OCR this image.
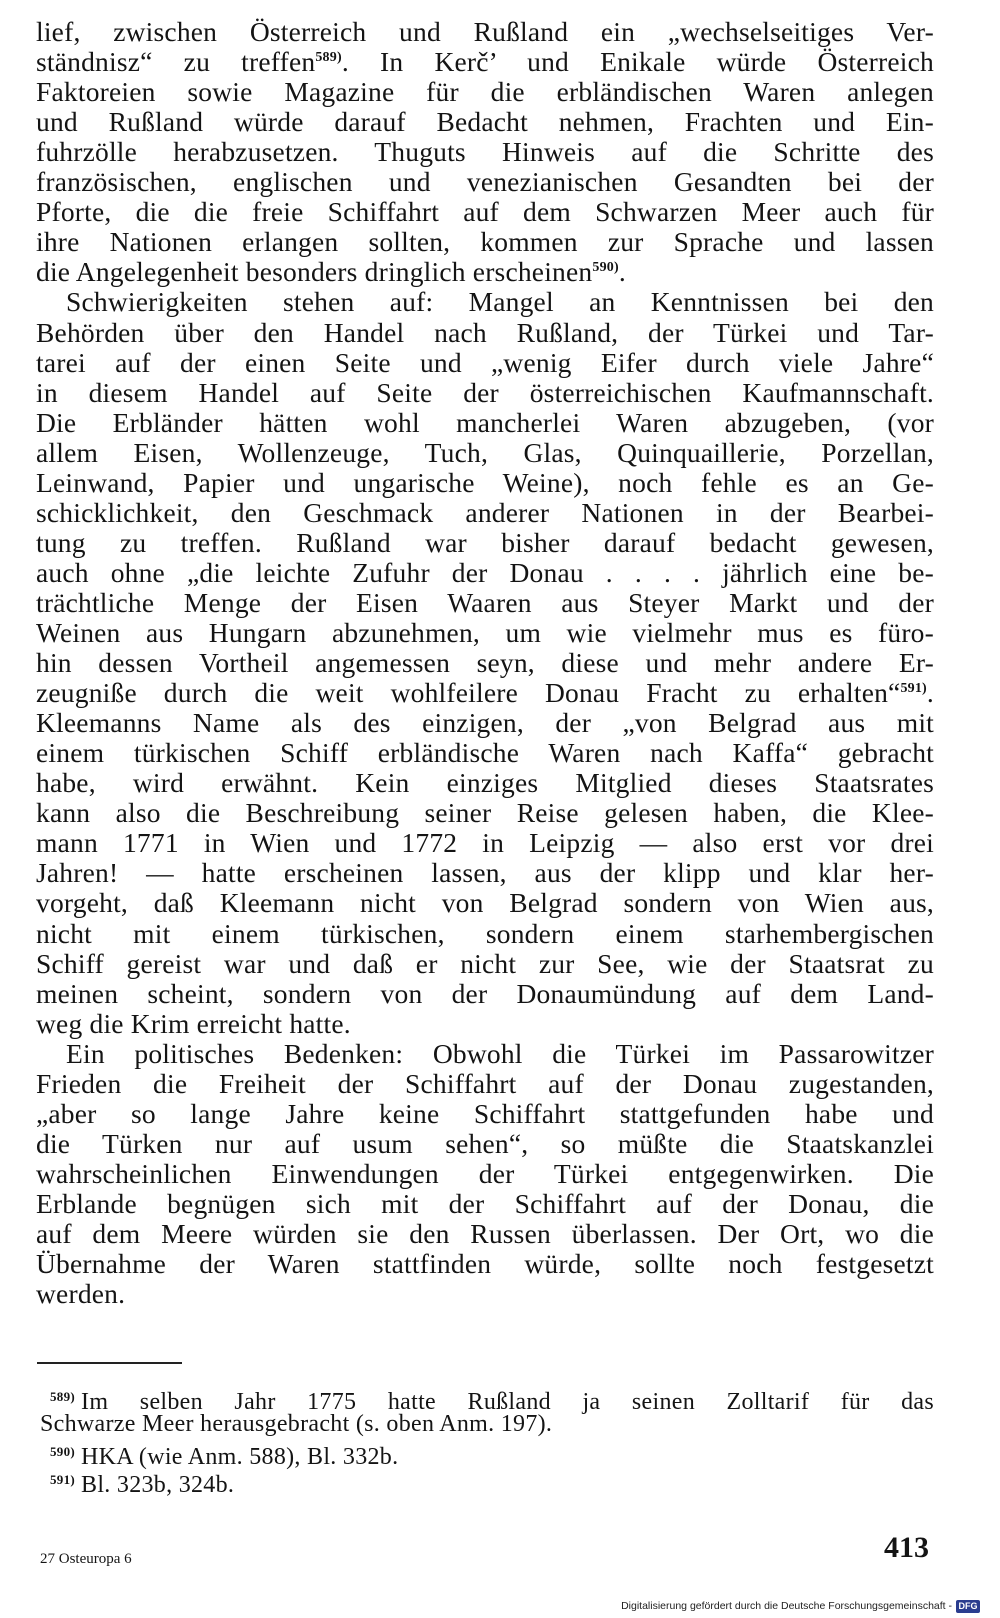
lief, zwischen Österreich und Rußland ein „wechselseitiges Ver-
ständnisz“ zu treffen$^{589)}$. In Kerč’ und Enikale würde Österreich
Faktoreien sowie Magazine für die erbländischen Waren anlegen
und Rußland würde darauf Bedacht nehmen, Frachten und Ein-
fuhrzölle herabzusetzen. Thuguts Hinweis auf die Schritte des
französischen, englischen und venezianischen Gesandten bei der
Pforte, die die freie Schiffahrt auf dem Schwarzen Meer auch für
ihre Nationen erlangen sollten, kommen zur Sprache und lassen
die Angelegenheit besonders dringlich erscheinen$^{590)}$.
Schwierigkeiten stehen auf: Mangel an Kenntnissen bei den
Behörden über den Handel nach Rußland, der Türkei und Tar-
tarei auf der einen Seite und „wenig Eifer durch viele Jahre“
in diesem Handel auf Seite der österreichischen Kaufmannschaft.
Die Erbländer hätten wohl mancherlei Waren abzugeben, (vor
allem Eisen, Wollenzeuge, Tuch, Glas, Quinquaillerie, Porzellan,
Leinwand, Papier und ungarische Weine), noch fehle es an Ge-
schicklichkeit, den Geschmack anderer Nationen in der Bearbei-
tung zu treffen. Rußland war bisher darauf bedacht gewesen,
auch ohne „die leichte Zufuhr der Donau . . . . jährlich eine be-
trächtliche Menge der Eisen Waaren aus Steyer Markt und der
Weinen aus Hungarn abzunehmen, um wie vielmehr mus es füro-
hin dessen Vortheil angemessen seyn, diese und mehr andere Er-
zeugniße durch die weit wohlfeilere Donau Fracht zu erhalten“$^{591)}$.
Kleemanns Name als des einzigen, der „von Belgrad aus mit
einem türkischen Schiff erbländische Waren nach Kaffa“ gebracht
habe, wird erwähnt. Kein einziges Mitglied dieses Staatsrates
kann also die Beschreibung seiner Reise gelesen haben, die Klee-
mann 1771 in Wien und 1772 in Leipzig — also erst vor drei
Jahren! — hatte erscheinen lassen, aus der klipp und klar her-
vorgeht, daß Kleemann nicht von Belgrad sondern von Wien aus,
nicht mit einem türkischen, sondern einem starhembergischen
Schiff gereist war und daß er nicht zur See, wie der Staatsrat zu
meinen scheint, sondern von der Donaumündung auf dem Land-
weg die Krim erreicht hatte.
Ein politisches Bedenken: Obwohl die Türkei im Passarowitzer
Frieden die Freiheit der Schiffahrt auf der Donau zugestanden,
„aber so lange Jahre keine Schiffahrt stattgefunden habe und
die Türken nur auf usum sehen“, so müßte die Staatskanzlei
wahrscheinlichen Einwendungen der Türkei entgegenwirken. Die
Erblande begnügen sich mit der Schiffahrt auf der Donau, die
auf dem Meere würden sie den Russen überlassen. Der Ort, wo die
Übernahme der Waren stattfinden würde, sollte noch festgesetzt
werden.
$^{589)}$ Im selben Jahr 1775 hatte Rußland ja seinen Zolltarif für das
Schwarze Meer herausgebracht (s. oben Anm. 197).
$^{590)}$ HKA (wie Anm. 588), Bl. 332b.
$^{591)}$ Bl. 323b, 324b.
27 Osteuropa 6	413
Digitalisierung gefördert durch die Deutsche Forschungsgemeinschaft - DFG
